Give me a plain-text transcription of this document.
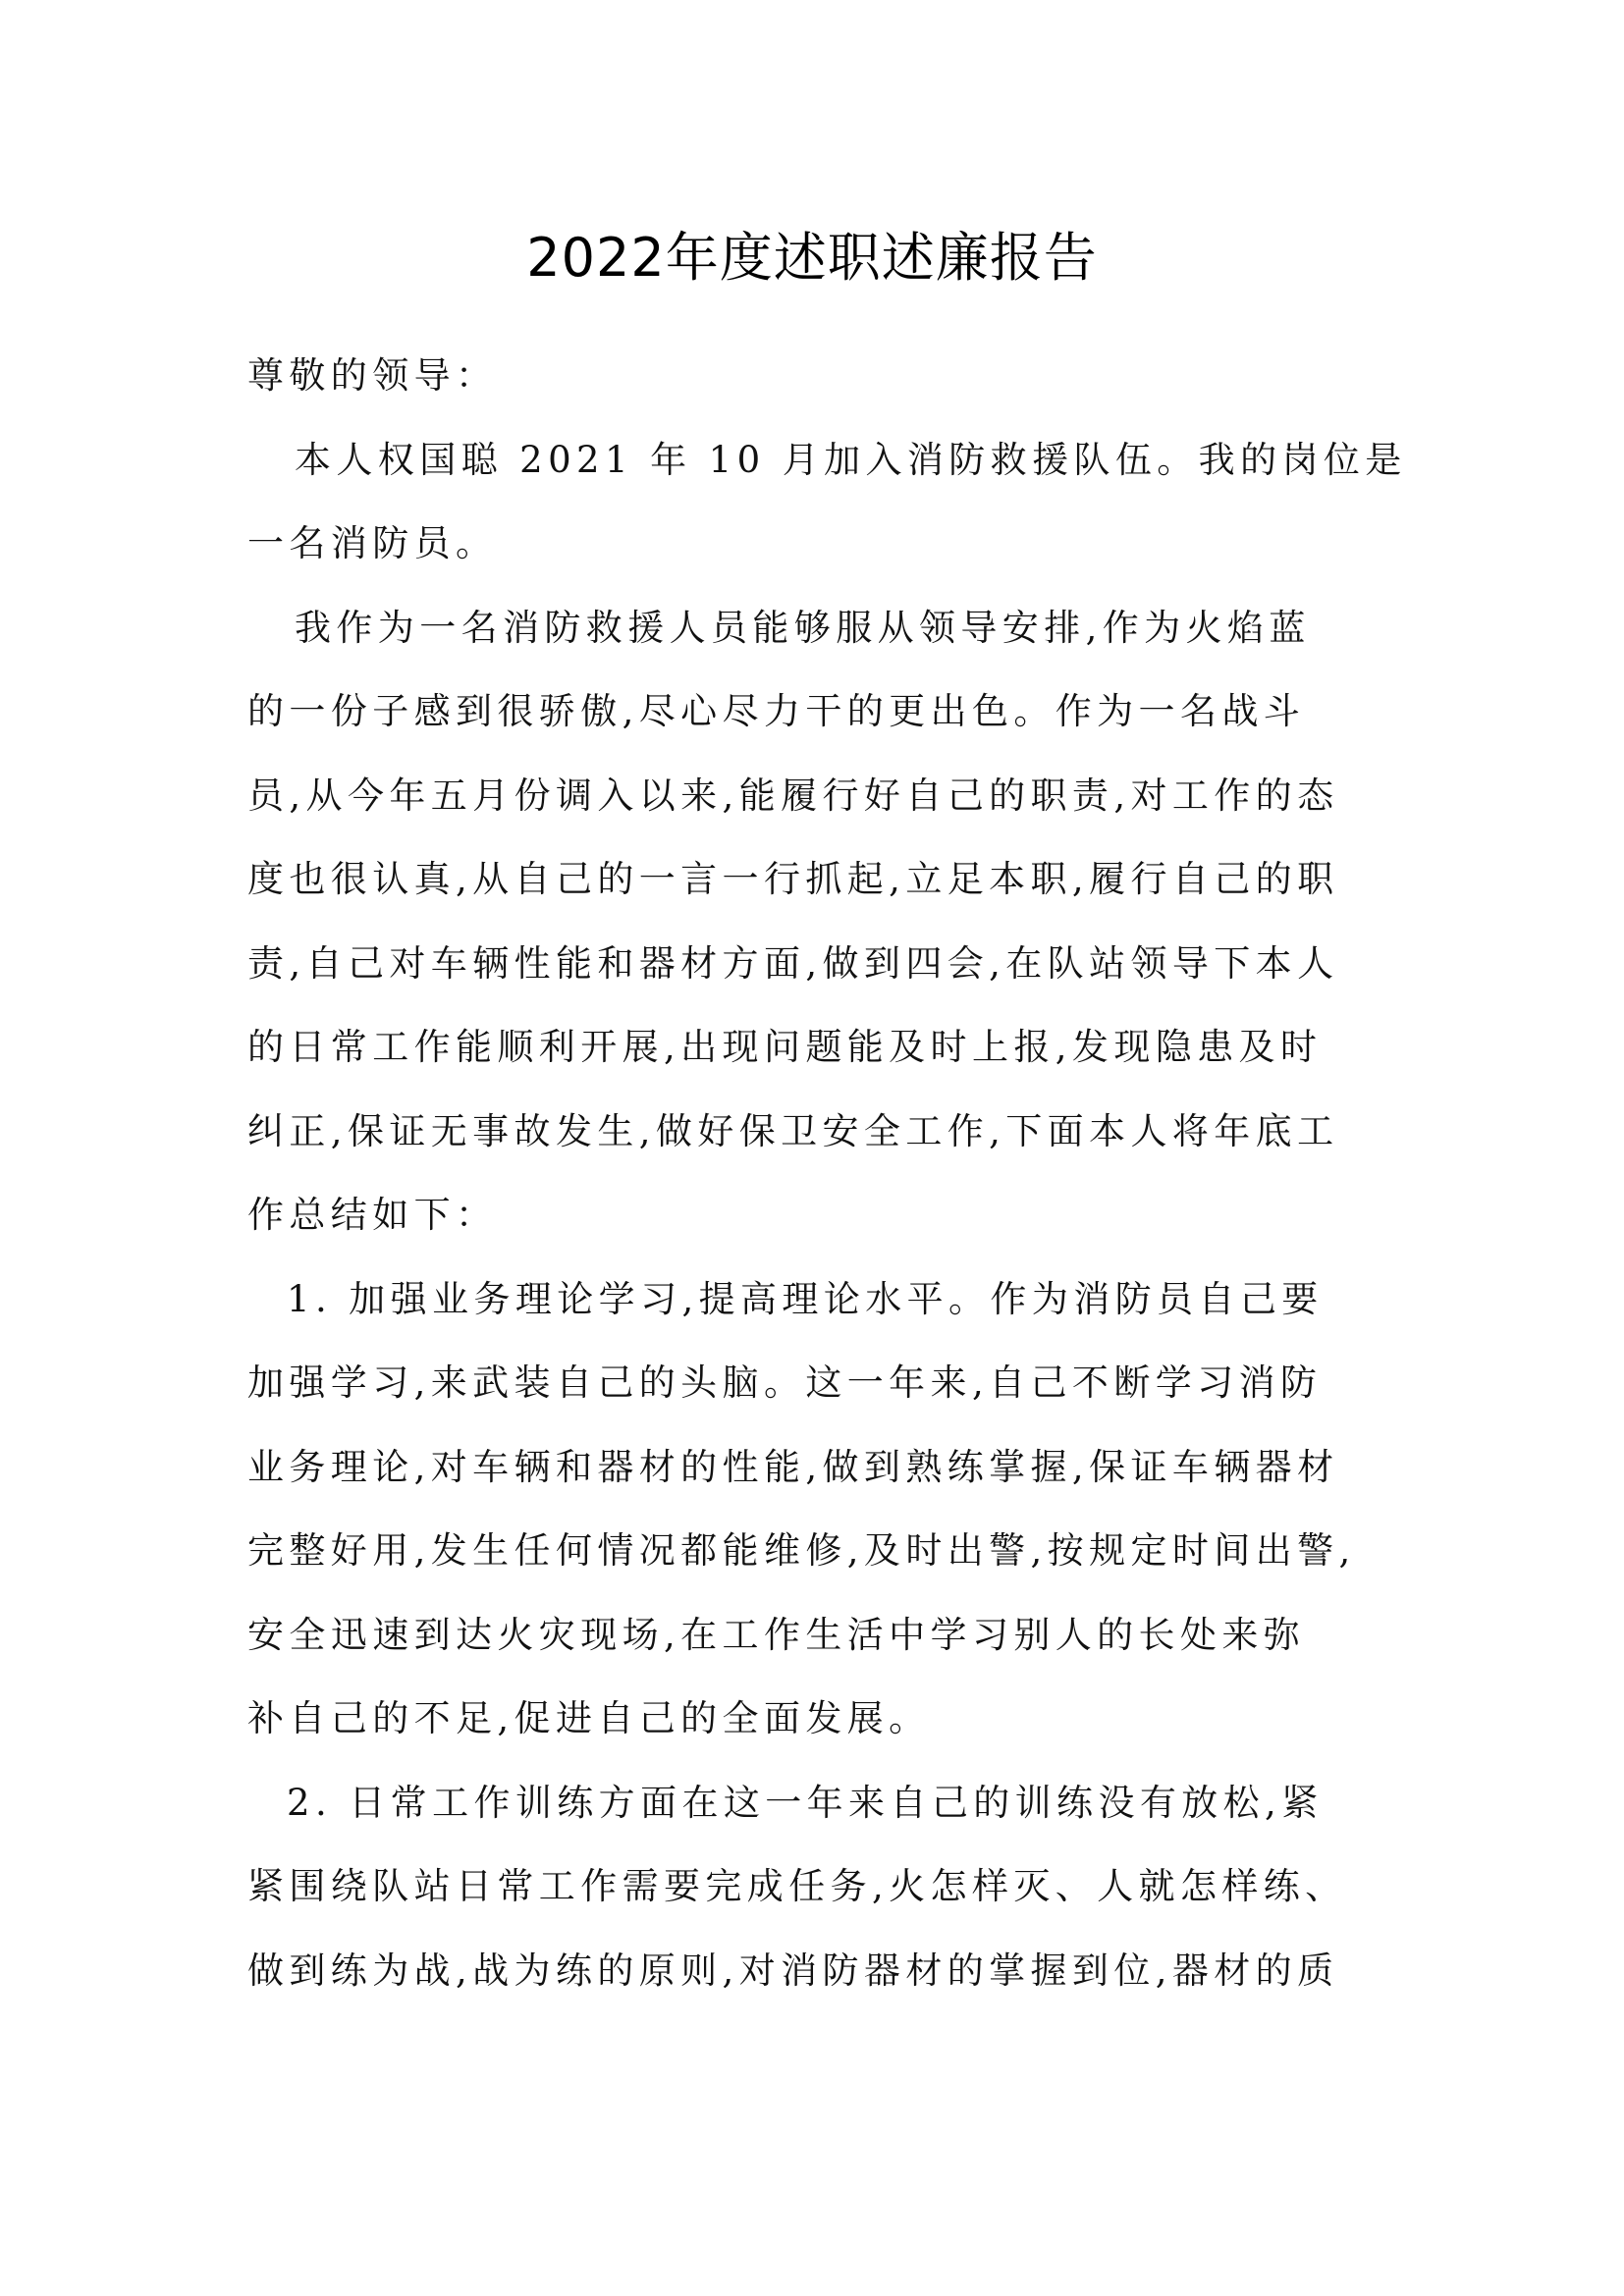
2022年度述职述廉报告
尊敬的领导：
本人权国聪 2021 年 10 月加入消防救援队伍。我的岗位是
一名消防员。
我作为一名消防救援人员能够服从领导安排,作为火焰蓝
的一份子感到很骄傲,尽心尽力干的更出色。作为一名战斗
员,从今年五月份调入以来,能履行好自己的职责,对工作的态
度也很认真,从自己的一言一行抓起,立足本职,履行自己的职
责,自己对车辆性能和器材方面,做到四会,在队站领导下本人
的日常工作能顺利开展,出现问题能及时上报,发现隐患及时
纠正,保证无事故发生,做好保卫安全工作,下面本人将年底工
作总结如下：
1. 加强业务理论学习,提高理论水平。作为消防员自己要
加强学习,来武装自己的头脑。这一年来,自己不断学习消防
业务理论,对车辆和器材的性能,做到熟练掌握,保证车辆器材
完整好用,发生任何情况都能维修,及时出警,按规定时间出警,
安全迅速到达火灾现场,在工作生活中学习别人的长处来弥
补自己的不足,促进自己的全面发展。
2. 日常工作训练方面在这一年来自己的训练没有放松,紧
紧围绕队站日常工作需要完成任务,火怎样灭、人就怎样练、
做到练为战,战为练的原则,对消防器材的掌握到位,器材的质
